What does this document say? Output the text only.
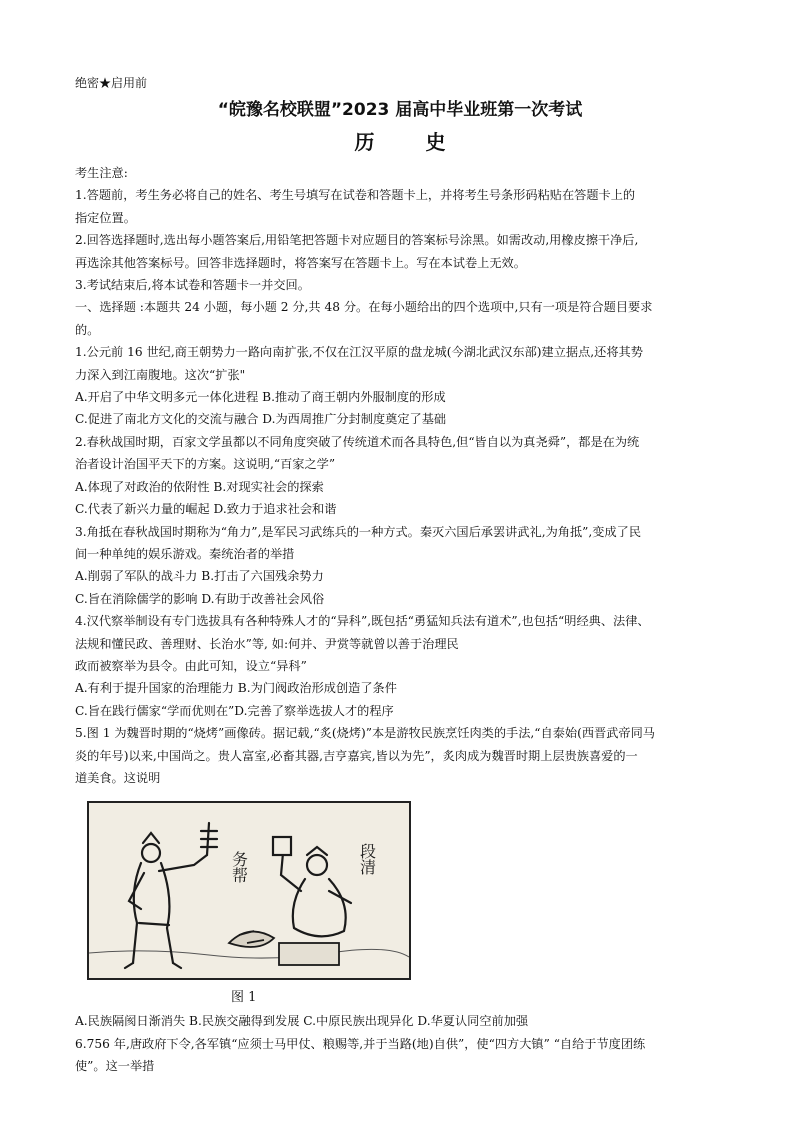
绝密★启用前
“皖豫名校联盟”2023 届高中毕业班第一次考试
历 史

考生注意:

1.答题前，考生务必将自己的姓名、考生号填写在试卷和答题卡上，并将考生号条形码粘贴在答题卡上的

指定位置。

2.回答选择题时,选出每小题答案后,用铅笔把答题卡对应题目的答案标号涂黑。如需改动,用橡皮擦干净后,

再选涂其他答案标号。回答非选择题时，将答案写在答题卡上。写在本试卷上无效。

3.考试结束后,将本试卷和答题卡一并交回。

一、选择题 :本题共 24 小题，每小题 2 分,共 48 分。在每小题给出的四个选项中,只有一项是符合题目要求

的。

1.公元前 16 世纪,商王朝势力一路向南扩张,不仅在江汉平原的盘龙城(今湖北武汉东部)建立据点,还将其势

力深入到江南腹地。这次“扩张"

A.开启了中华文明多元一体化进程 B.推动了商王朝内外服制度的形成

C.促进了南北方文化的交流与融合 D.为西周推广分封制度奠定了基础

2.春秋战国时期，百家文学虽都以不同角度突破了传统道术而各具特色,但“皆自以为真尧舜”，都是在为统

治者设计治国平天下的方案。这说明,“百家之学”

A.体现了对政治的依附性 B.对现实社会的探索

C.代表了新兴力量的崛起 D.致力于追求社会和谐

3.角抵在春秋战国时期称为“角力”,是军民习武练兵的一种方式。秦灭六国后承罢讲武礼,为角抵”,变成了民

间一种单纯的娱乐游戏。秦统治者的举措

A.削弱了军队的战斗力 B.打击了六国残余势力

C.旨在消除儒学的影响 D.有助于改善社会风俗

4.汉代察举制设有专门选拔具有各种特殊人才的“异科”,既包括“勇猛知兵法有道术”,也包括“明经典、法律、

法规和懂民政、善理财、长治水”等, 如:何并、尹赏等就曾以善于治理民

政而被察举为县令。由此可知，设立“异科”

A.有利于提升国家的治理能力 B.为门阀政治形成创造了条件

C.旨在践行儒家“学而优则在”D.完善了察举选拔人才的程序

5.图 1 为魏晋时期的“烧烤”画像砖。据记载,“炙(烧烤)”本是游牧民族烹饪肉类的手法,“自泰始(西晋武帝同马

炎的年号)以来,中国尚之。贵人富室,必畜其器,吉亨嘉宾,皆以为先”，炙肉成为魏晋时期上层贵族喜爱的一

道美食。这说明

务帮	段清
图 1

A.民族隔阂日渐消失 B.民族交融得到发展 C.中原民族出现异化 D.华夏认同空前加强

6.756 年,唐政府下令,各军镇“应须士马甲仗、粮赐等,并于当路(地)自供”，使“四方大镇” “自给于节度团练

使”。这一举措
